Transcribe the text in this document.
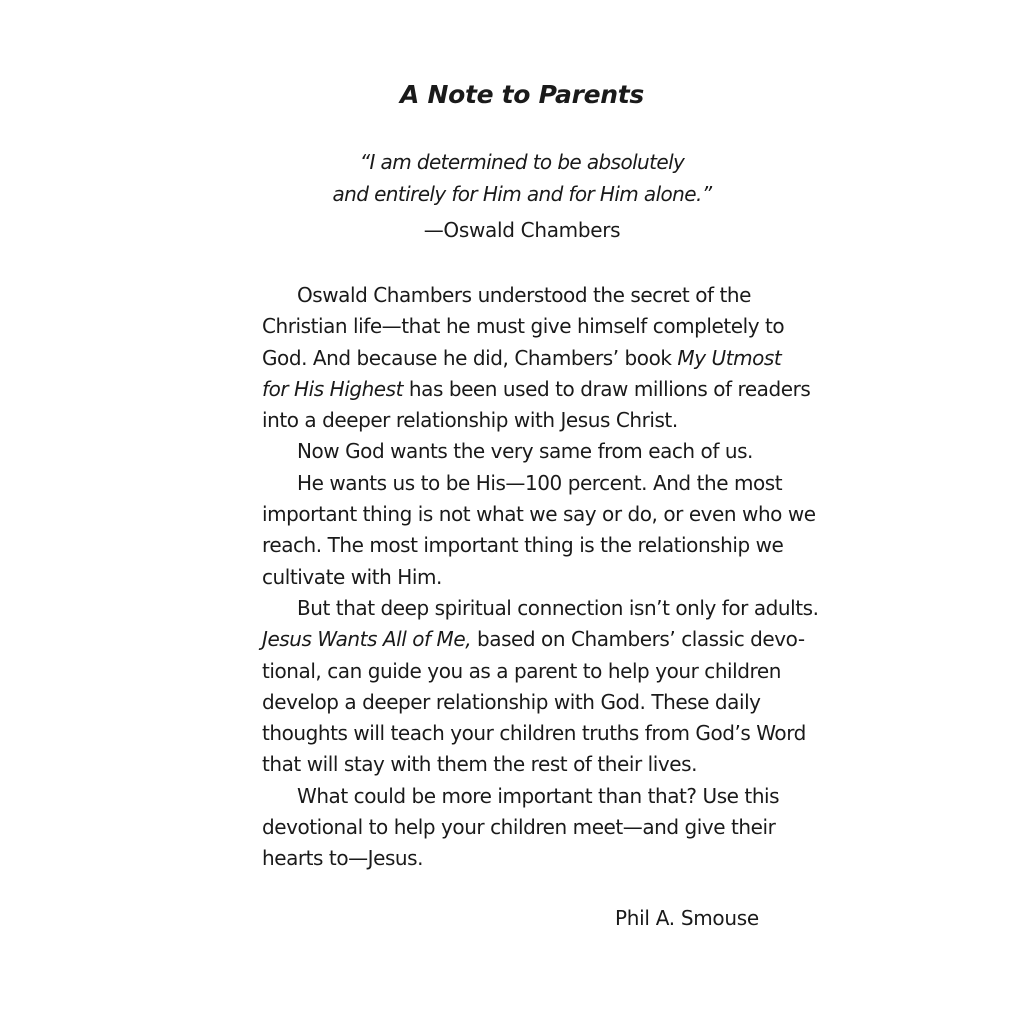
A Note to Parents
“I am determined to be absolutely
and entirely for Him and for Him alone.”
—Oswald Chambers
Oswald Chambers understood the secret of the
Christian life—that he must give himself completely to
God. And because he did, Chambers’ book My Utmost
for His Highest has been used to draw millions of readers
into a deeper relationship with Jesus Christ.
Now God wants the very same from each of us.
He wants us to be His—100 percent. And the most
important thing is not what we say or do, or even who we
reach. The most important thing is the relationship we
cultivate with Him.
But that deep spiritual connection isn’t only for adults.
Jesus Wants All of Me, based on Chambers’ classic devo-
tional, can guide you as a parent to help your children
develop a deeper relationship with God. These daily
thoughts will teach your children truths from God’s Word
that will stay with them the rest of their lives.
What could be more important than that? Use this
devotional to help your children meet—and give their
hearts to—Jesus.
Phil A. Smouse
